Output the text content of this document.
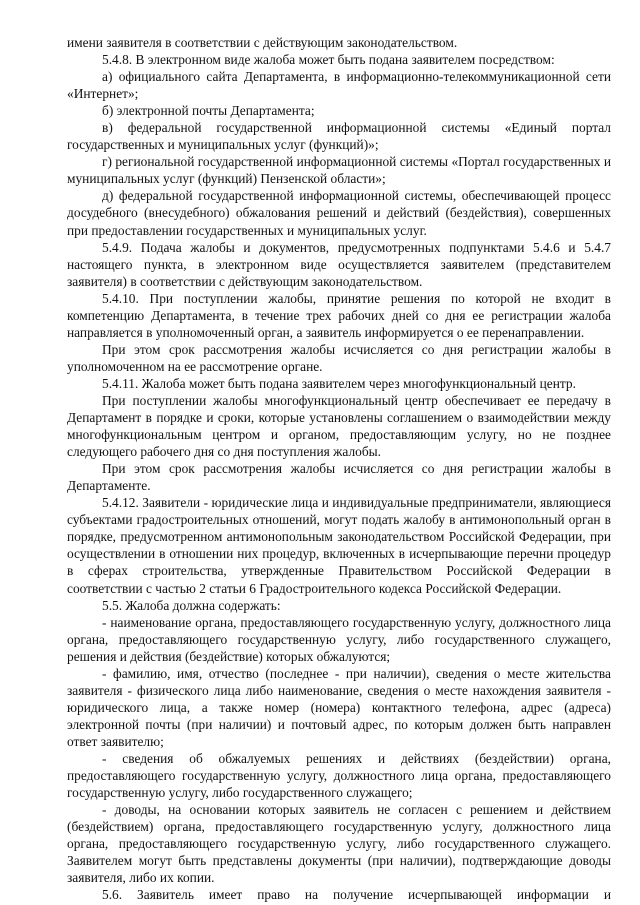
имени заявителя в соответствии с действующим законодательством.

5.4.8. В электронном виде жалоба может быть подана заявителем посредством:

а) официального сайта Департамента, в информационно-телекоммуникационной сети «Интернет»;

б) электронной почты Департамента;

в) федеральной государственной информационной системы «Единый портал государственных и муниципальных услуг (функций)»;

г) региональной государственной информационной системы «Портал государственных и муниципальных услуг (функций) Пензенской области»;

д) федеральной государственной информационной системы, обеспечивающей процесс досудебного (внесудебного) обжалования решений и действий (бездействия), совершенных при предоставлении государственных и муниципальных услуг.

5.4.9. Подача жалобы и документов, предусмотренных подпунктами 5.4.6 и 5.4.7 настоящего пункта, в электронном виде осуществляется заявителем (представителем заявителя) в соответствии с действующим законодательством.

5.4.10. При поступлении жалобы, принятие решения по которой не входит в компетенцию Департамента, в течение трех рабочих дней со дня ее регистрации жалоба направляется в уполномоченный орган, а заявитель информируется о ее перенаправлении.

При этом срок рассмотрения жалобы исчисляется со дня регистрации жалобы в уполномоченном на ее рассмотрение органе.

5.4.11. Жалоба может быть подана заявителем через многофункциональный центр.

При поступлении жалобы многофункциональный центр обеспечивает ее передачу в Департамент в порядке и сроки, которые установлены соглашением о взаимодействии между многофункциональным центром и органом, предоставляющим услугу, но не позднее следующего рабочего дня со дня поступления жалобы.

При этом срок рассмотрения жалобы исчисляется со дня регистрации жалобы в Департаменте.

5.4.12. Заявители - юридические лица и индивидуальные предприниматели, являющиеся субъектами градостроительных отношений, могут подать жалобу в антимонопольный орган в порядке, предусмотренном антимонопольным законодательством Российской Федерации, при осуществлении в отношении них процедур, включенных в исчерпывающие перечни процедур в сферах строительства, утвержденные Правительством Российской Федерации в соответствии с частью 2 статьи 6 Градостроительного кодекса Российской Федерации.

5.5. Жалоба должна содержать:

- наименование органа, предоставляющего государственную услугу, должностного лица органа, предоставляющего государственную услугу, либо государственного служащего, решения и действия (бездействие) которых обжалуются;

- фамилию, имя, отчество (последнее - при наличии), сведения о месте жительства заявителя - физического лица либо наименование, сведения о месте нахождения заявителя - юридического лица, а также номер (номера) контактного телефона, адрес (адреса) электронной почты (при наличии) и почтовый адрес, по которым должен быть направлен ответ заявителю;

- сведения об обжалуемых решениях и действиях (бездействии) органа, предоставляющего государственную услугу, должностного лица органа, предоставляющего государственную услугу, либо государственного служащего;

- доводы, на основании которых заявитель не согласен с решением и действием (бездействием) органа, предоставляющего государственную услугу, должностного лица органа, предоставляющего государственную услугу, либо государственного служащего. Заявителем могут быть представлены документы (при наличии), подтверждающие доводы заявителя, либо их копии.

5.6. Заявитель имеет право на получение исчерпывающей информации и
